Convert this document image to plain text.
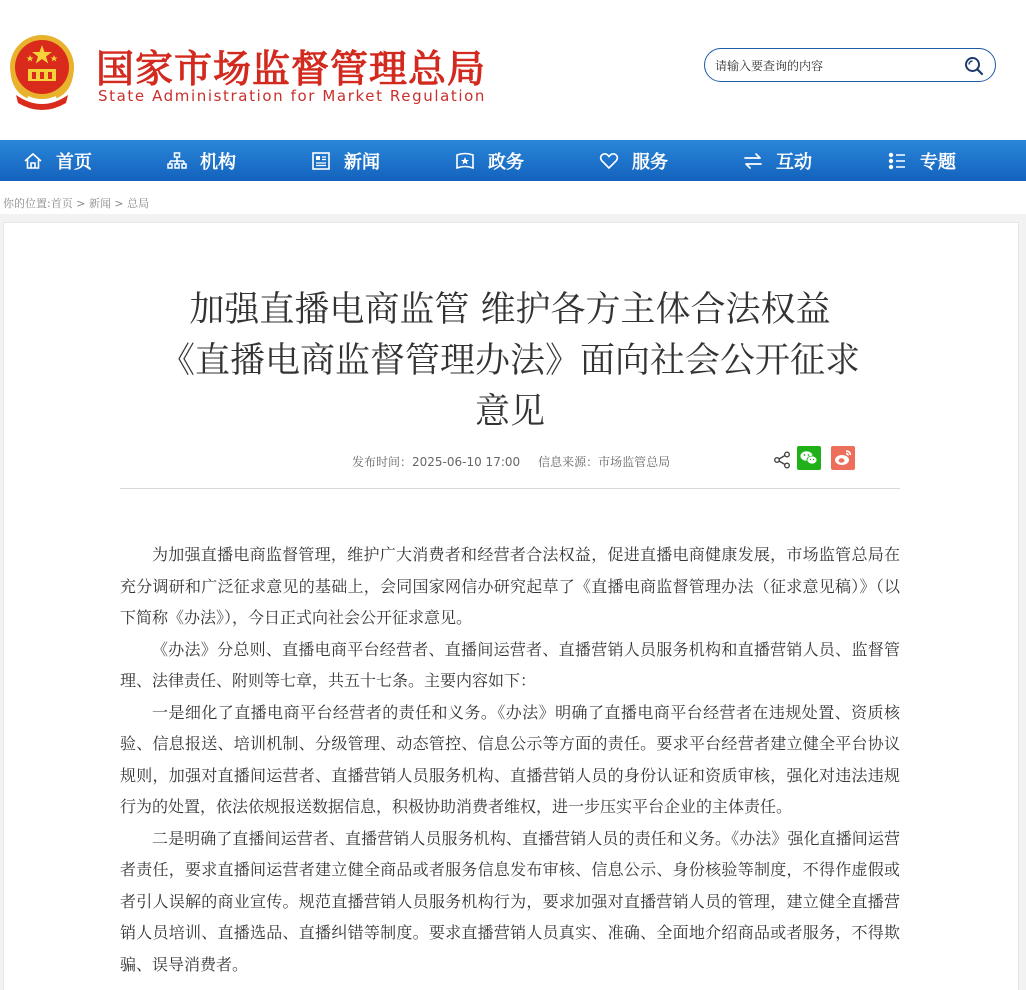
国家市场监督管理总局
State Administration for Market Regulation
请输入要查询的内容
首页	机构	新闻	政务	服务	互动	专题
你的位置:首页 > 新闻 > 总局
加强直播电商监管 维护各方主体合法权益
《直播电商监督管理办法》面向社会公开征求
意见
发布时间：2025-06-10 17:00 信息来源：市场监管总局

为加强直播电商监督管理，维护广大消费者和经营者合法权益，促进直播电商健康发展，市场监管总局在充分调研和广泛征求意见的基础上，会同国家网信办研究起草了《直播电商监督管理办法（征求意见稿）》（以下简称《办法》），今日正式向社会公开征求意见。

《办法》分总则、直播电商平台经营者、直播间运营者、直播营销人员服务机构和直播营销人员、监督管理、法律责任、附则等七章，共五十七条。主要内容如下：

一是细化了直播电商平台经营者的责任和义务。《办法》明确了直播电商平台经营者在违规处置、资质核验、信息报送、培训机制、分级管理、动态管控、信息公示等方面的责任。要求平台经营者建立健全平台协议规则，加强对直播间运营者、直播营销人员服务机构、直播营销人员的身份认证和资质审核，强化对违法违规行为的处置，依法依规报送数据信息，积极协助消费者维权，进一步压实平台企业的主体责任。

二是明确了直播间运营者、直播营销人员服务机构、直播营销人员的责任和义务。《办法》强化直播间运营者责任，要求直播间运营者建立健全商品或者服务信息发布审核、信息公示、身份核验等制度，不得作虚假或者引人误解的商业宣传。规范直播营销人员服务机构行为，要求加强对直播营销人员的管理，建立健全直播营销人员培训、直播选品、直播纠错等制度。要求直播营销人员真实、准确、全面地介绍商品或者服务，不得欺骗、误导消费者。
